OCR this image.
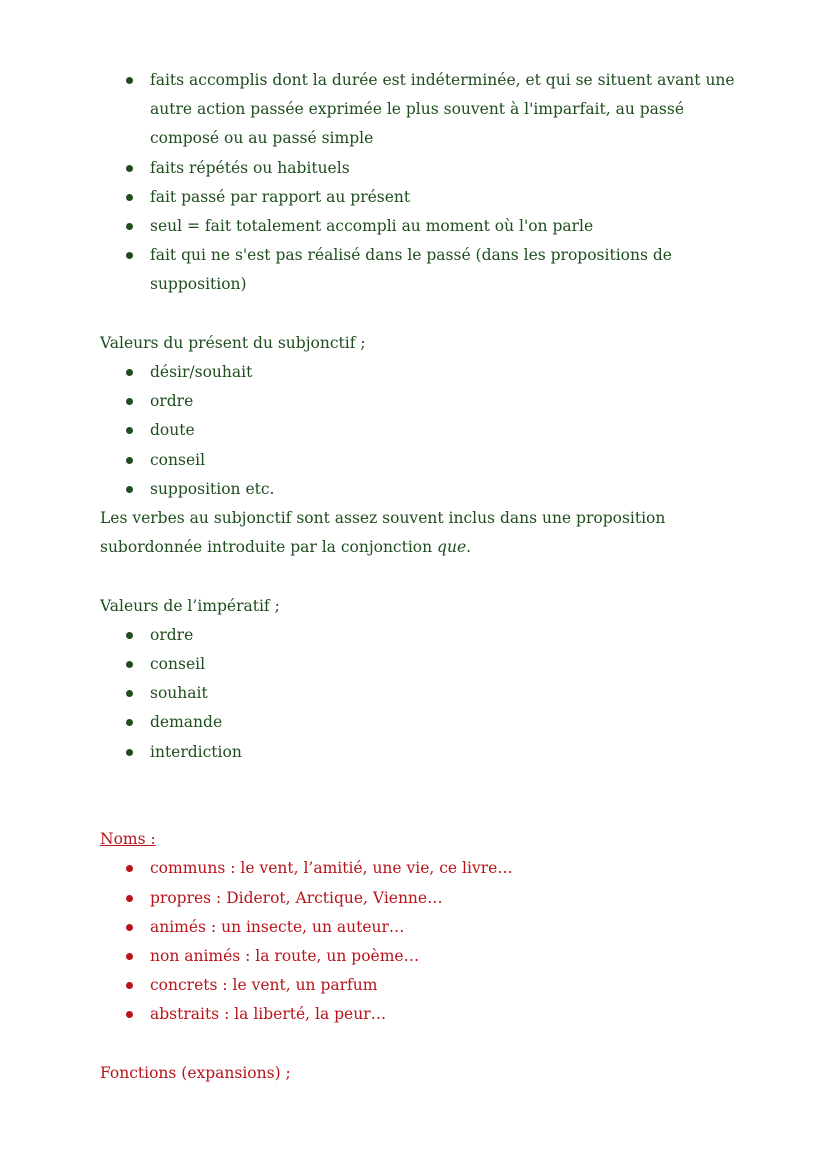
faits accomplis dont la durée est indéterminée, et qui se situent avant une autre action passée exprimée le plus souvent à l'imparfait, au passé composé ou au passé simple
faits répétés ou habituels
fait passé par rapport au présent
seul = fait totalement accompli au moment où l'on parle
fait qui ne s'est pas réalisé dans le passé (dans les propositions de supposition)

Valeurs du présent du subjonctif ;

désir/souhait
ordre
doute
conseil
supposition etc.

Les verbes au subjonctif sont assez souvent inclus dans une proposition subordonnée introduite par la conjonction que.

Valeurs de l’impératif ;

ordre
conseil
souhait
demande
interdiction

Noms :

communs : le vent, l’amitié, une vie, ce livre…
propres : Diderot, Arctique, Vienne…
animés : un insecte, un auteur…
non animés : la route, un poème…
concrets : le vent, un parfum
abstraits : la liberté, la peur…

Fonctions (expansions) ;
